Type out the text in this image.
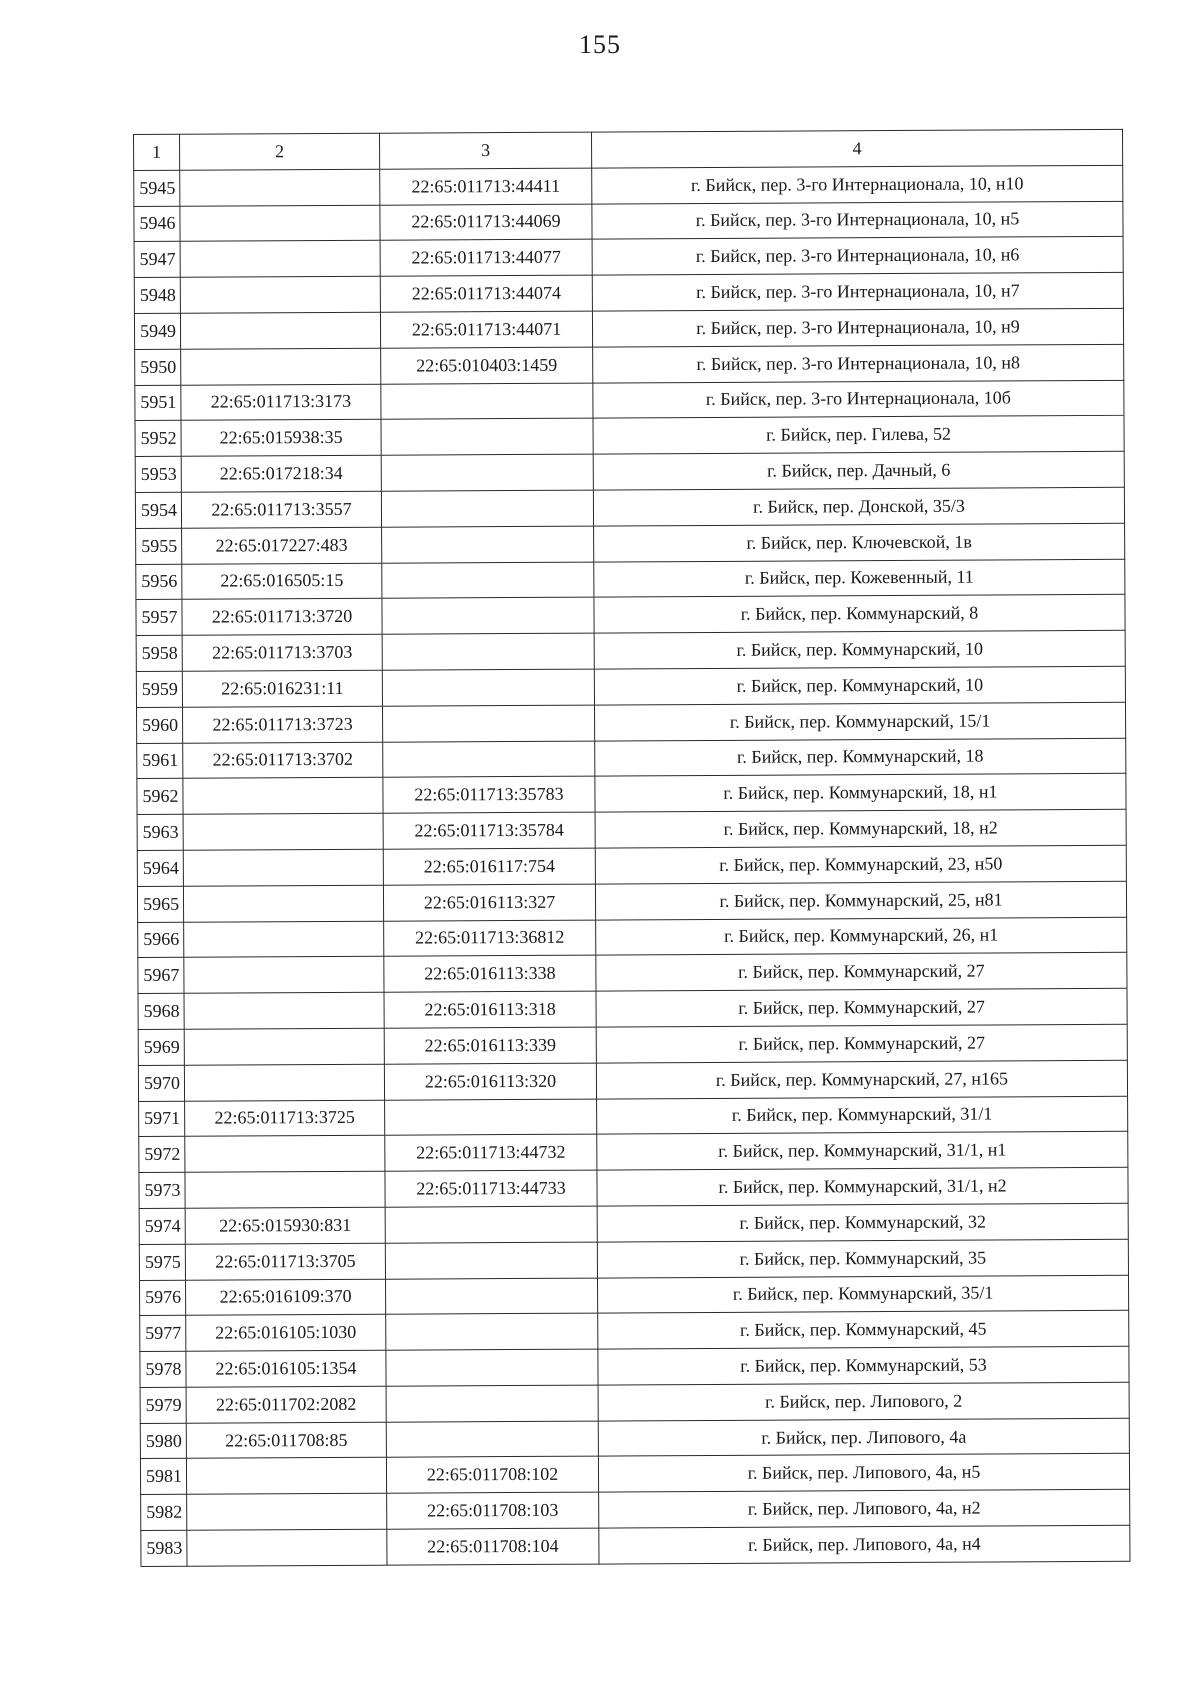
155
1	2	3	4
5945		22:65:011713:44411	г. Бийск, пер. 3-го Интернационала, 10, н10
5946		22:65:011713:44069	г. Бийск, пер. 3-го Интернационала, 10, н5
5947		22:65:011713:44077	г. Бийск, пер. 3-го Интернационала, 10, н6
5948		22:65:011713:44074	г. Бийск, пер. 3-го Интернационала, 10, н7
5949		22:65:011713:44071	г. Бийск, пер. 3-го Интернационала, 10, н9
5950		22:65:010403:1459	г. Бийск, пер. 3-го Интернационала, 10, н8
5951	22:65:011713:3173		г. Бийск, пер. 3-го Интернационала, 10б
5952	22:65:015938:35		г. Бийск, пер. Гилева, 52
5953	22:65:017218:34		г. Бийск, пер. Дачный, 6
5954	22:65:011713:3557		г. Бийск, пер. Донской, 35/3
5955	22:65:017227:483		г. Бийск, пер. Ключевской, 1в
5956	22:65:016505:15		г. Бийск, пер. Кожевенный, 11
5957	22:65:011713:3720		г. Бийск, пер. Коммунарский, 8
5958	22:65:011713:3703		г. Бийск, пер. Коммунарский, 10
5959	22:65:016231:11		г. Бийск, пер. Коммунарский, 10
5960	22:65:011713:3723		г. Бийск, пер. Коммунарский, 15/1
5961	22:65:011713:3702		г. Бийск, пер. Коммунарский, 18
5962		22:65:011713:35783	г. Бийск, пер. Коммунарский, 18, н1
5963		22:65:011713:35784	г. Бийск, пер. Коммунарский, 18, н2
5964		22:65:016117:754	г. Бийск, пер. Коммунарский, 23, н50
5965		22:65:016113:327	г. Бийск, пер. Коммунарский, 25, н81
5966		22:65:011713:36812	г. Бийск, пер. Коммунарский, 26, н1
5967		22:65:016113:338	г. Бийск, пер. Коммунарский, 27
5968		22:65:016113:318	г. Бийск, пер. Коммунарский, 27
5969		22:65:016113:339	г. Бийск, пер. Коммунарский, 27
5970		22:65:016113:320	г. Бийск, пер. Коммунарский, 27, н165
5971	22:65:011713:3725		г. Бийск, пер. Коммунарский, 31/1
5972		22:65:011713:44732	г. Бийск, пер. Коммунарский, 31/1, н1
5973		22:65:011713:44733	г. Бийск, пер. Коммунарский, 31/1, н2
5974	22:65:015930:831		г. Бийск, пер. Коммунарский, 32
5975	22:65:011713:3705		г. Бийск, пер. Коммунарский, 35
5976	22:65:016109:370		г. Бийск, пер. Коммунарский, 35/1
5977	22:65:016105:1030		г. Бийск, пер. Коммунарский, 45
5978	22:65:016105:1354		г. Бийск, пер. Коммунарский, 53
5979	22:65:011702:2082		г. Бийск, пер. Липового, 2
5980	22:65:011708:85		г. Бийск, пер. Липового, 4а
5981		22:65:011708:102	г. Бийск, пер. Липового, 4а, н5
5982		22:65:011708:103	г. Бийск, пер. Липового, 4а, н2
5983		22:65:011708:104	г. Бийск, пер. Липового, 4а, н4
